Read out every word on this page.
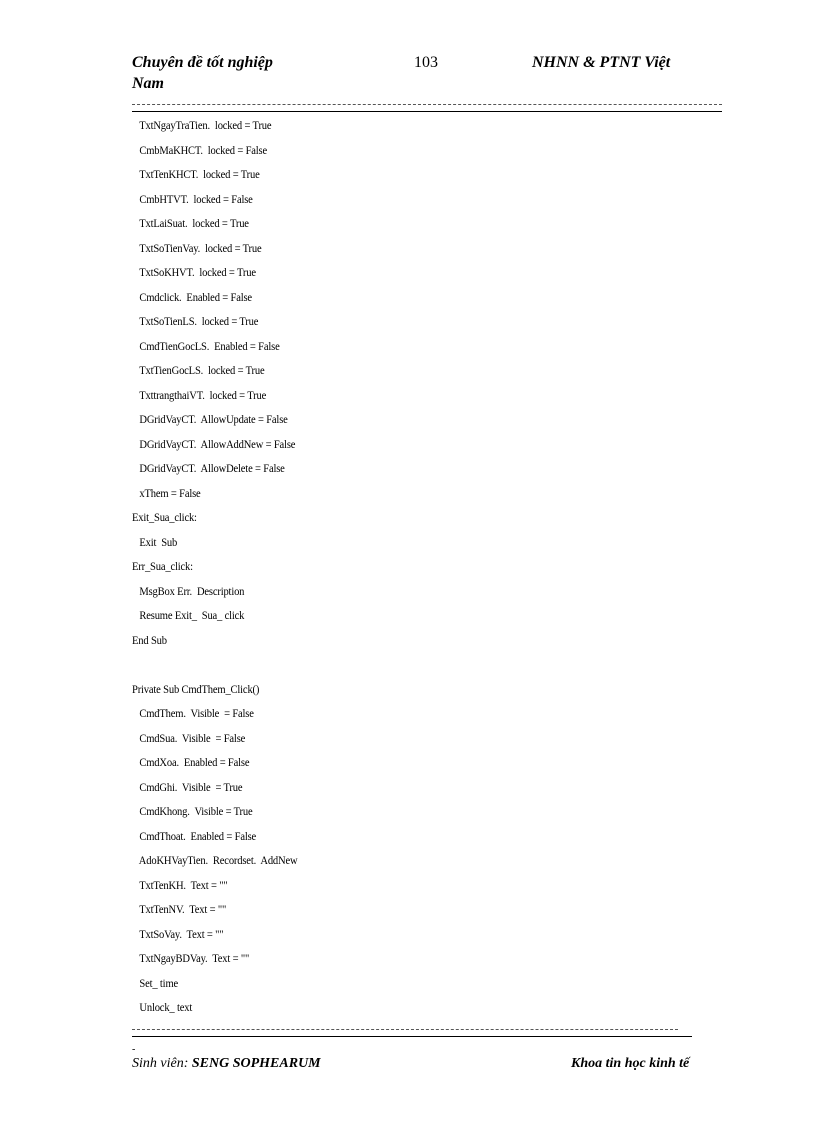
Chuyên đề tốt nghiệp
Nam
103	NHNN & PTNT Việt
TxtNgayTraTien.  locked = True
CmbMaKHCT.  locked = False
TxtTenKHCT.  locked = True
CmbHTVT.  locked = False
TxtLaiSuat.  locked = True
TxtSoTienVay.  locked = True
TxtSoKHVT.  locked = True
Cmdclick.  Enabled = False
TxtSoTienLS.  locked = True
CmdTienGocLS.  Enabled = False
TxtTienGocLS.  locked = True
TxttrangthaiVT.  locked = True
DGridVayCT.  AllowUpdate = False
DGridVayCT.  AllowAddNew = False
DGridVayCT.  AllowDelete = False
xThem = False
Exit_Sua_click:
Exit  Sub
Err_Sua_click:
MsgBox Err.  Description
Resume Exit_  Sua_ click
End Sub
Private Sub CmdThem_Click()
CmdThem.  Visible  = False
CmdSua.  Visible  = False
CmdXoa.  Enabled = False
CmdGhi.  Visible  = True
CmdKhong.  Visible = True
CmdThoat.  Enabled = False
AdoKHVayTien.  Recordset.  AddNew
TxtTenKH.  Text = ""
TxtTenNV.  Text = ""
TxtSoVay.  Text = ""
TxtNgayBDVay.  Text = ""
Set_ time
Unlock_ text
-
Sinh viên: SENG SOPHEARUM	Khoa tin học kinh tế
